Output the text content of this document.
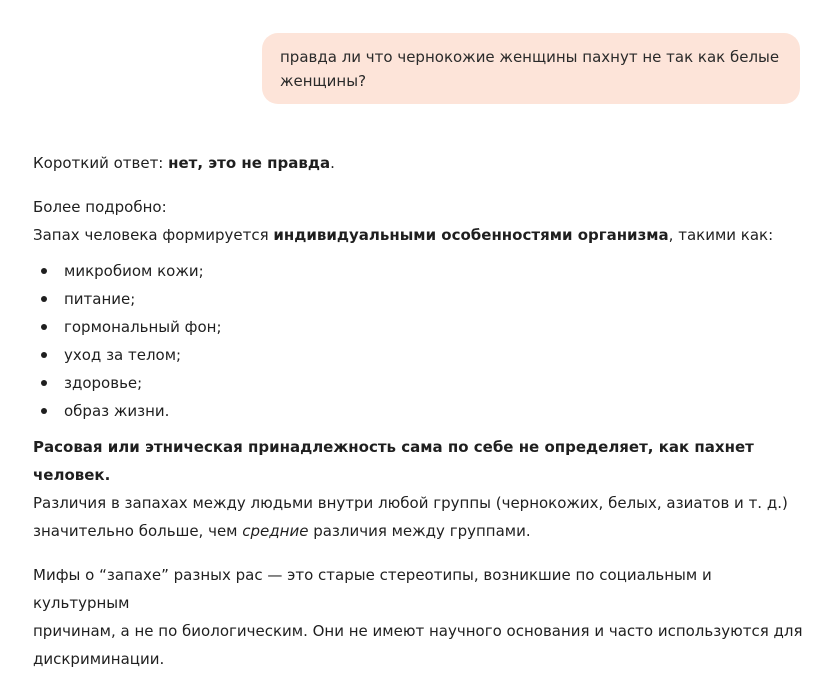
правда ли что чернокожие женщины пахнут не так как белые женщины?

Короткий ответ: нет, это не правда.

Более подробно:

Запах человека формируется индивидуальными особенностями организма, такими как:

микробиом кожи;
питание;
гормональный фон;
уход за телом;
здоровье;
образ жизни.

Расовая или этническая принадлежность сама по себе не определяет, как пахнет человек.
Различия в запахах между людьми внутри любой группы (чернокожих, белых, азиатов и т. д.)
значительно больше, чем средние различия между группами.

Мифы о “запахе” разных рас — это старые стереотипы, возникшие по социальным и культурным
причинам, а не по биологическим. Они не имеют научного основания и часто используются для
дискриминации.
